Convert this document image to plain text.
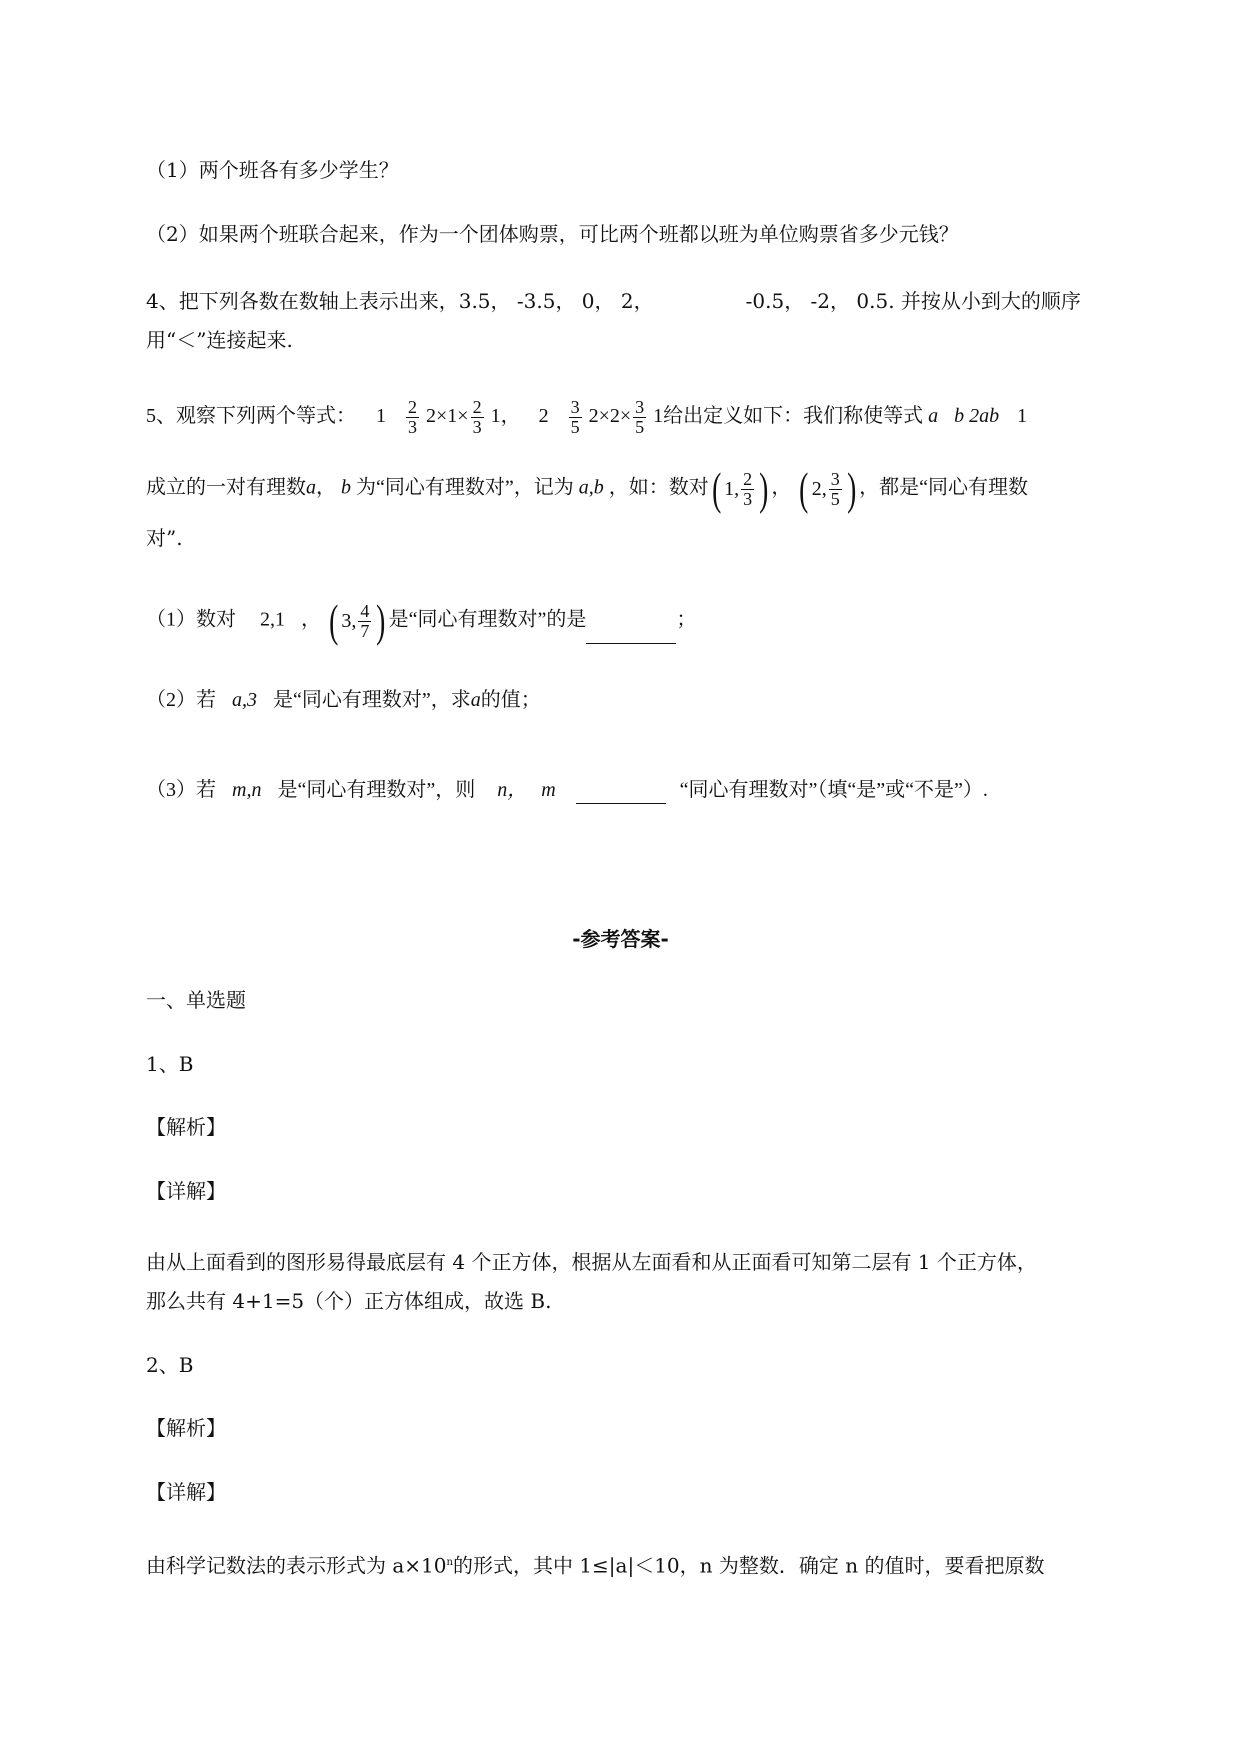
（1）两个班各有多少学生？
（2）如果两个班联合起来，作为一个团体购票，可比两个班都以班为单位购票省多少元钱？
4、把下列各数在数轴上表示出来，3.5， -3.5， 0， 2，	-0.5， -2， 0.5. 并按从小到大的顺序
用“＜”连接起来.
5、观察下列两个等式： $1 \frac{2}{3} 2\times 1\times \frac{2}{3} 1$， $2 \frac{3}{5} 2\times 2\times \frac{3}{5} 1$给出定义如下：我们称使等式 a b 2ab 1
成立的一对有理数a， b 为“同心有理数对”，记为 a,b ，如：数对 ( 1, $\frac{2}{3}$ ) ， ( 2, $\frac{3}{5}$ ) ，都是“同心有理数
对”.
（1）数对 2,1 ， ( 3, $\frac{4}{7}$ ) 是“同心有理数对”的是	；
（2）若 a,3 是“同心有理数对”，求a的值；
（3）若 m,n 是“同心有理数对”，则 n， m	“同心有理数对”（填“是”或“不是”）.
-参考答案-
一、单选题
1、B
【解析】
【详解】
由从上面看到的图形易得最底层有 4 个正方体，根据从左面看和从正面看可知第二层有 1 个正方体，
那么共有 4+1=5（个）正方体组成，故选 B.
2、B
【解析】
【详解】
由科学记数法的表示形式为 $a\times 10^n$的形式，其中 1≤|a|＜10，n 为整数．确定 n 的值时，要看把原数
